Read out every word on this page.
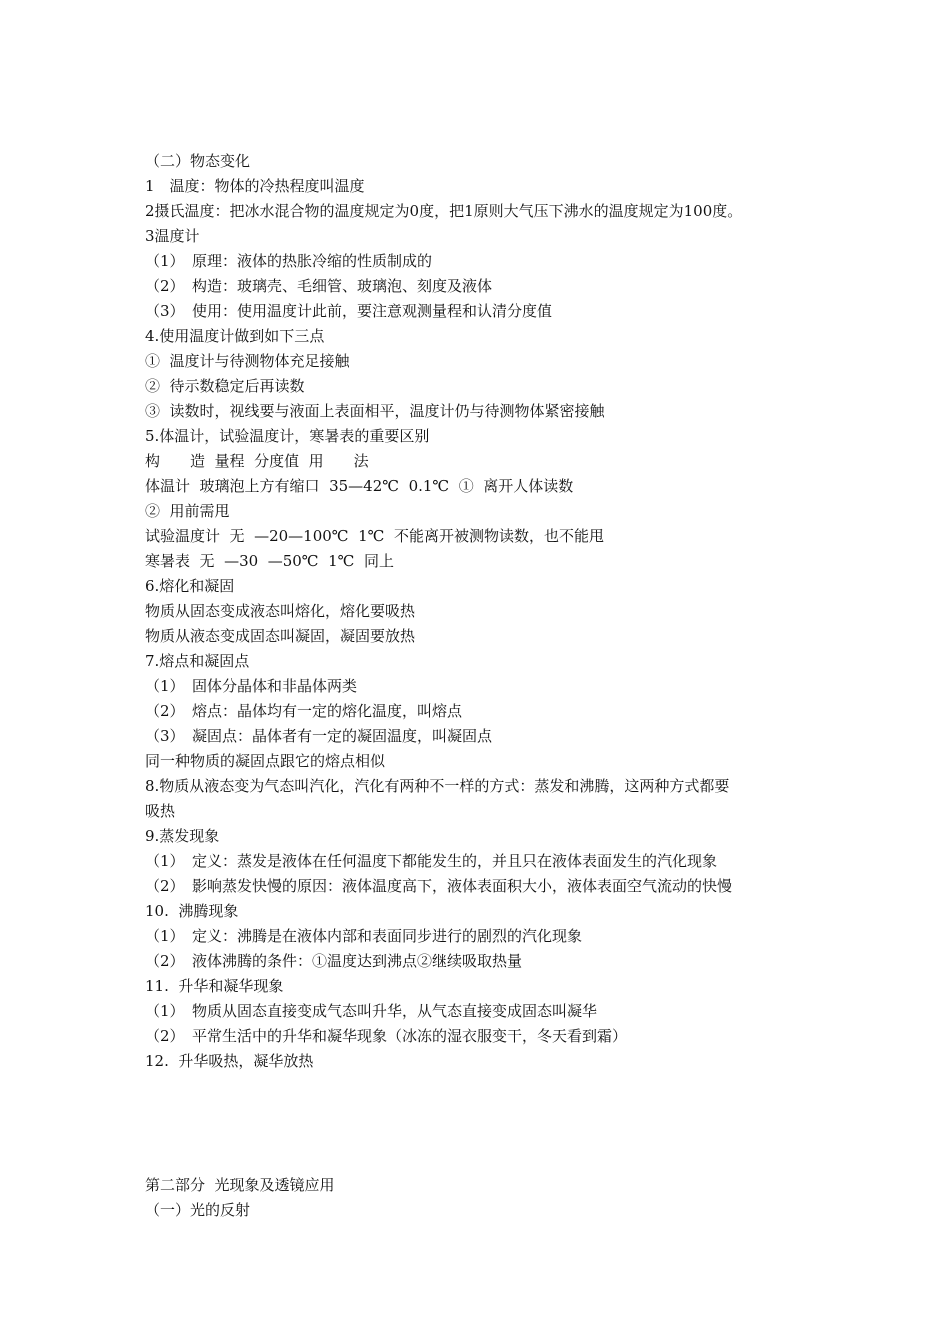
（二）物态变化
1　温度：物体的冷热程度叫温度
2摄氏温度：把冰水混合物的温度规定为0度，把1原则大气压下沸水的温度规定为100度。
3温度计
（1）　原理：液体的热胀冷缩的性质制成的
（2）　构造：玻璃壳、毛细管、玻璃泡、刻度及液体
（3）　使用：使用温度计此前，要注意观测量程和认清分度值
4.使用温度计做到如下三点
①  温度计与待测物体充足接触
②  待示数稳定后再读数
③  读数时，视线要与液面上表面相平，温度计仍与待测物体紧密接触
5.体温计，试验温度计，寒暑表的重要区别
构　　造  量程  分度值  用　　法
体温计  玻璃泡上方有缩口  35—42℃  0.1℃  ①  离开人体读数
②  用前需甩
试验温度计  无  —20—100℃  1℃  不能离开被测物读数，也不能甩
寒暑表  无  —30  —50℃  1℃  同上
6.熔化和凝固
物质从固态变成液态叫熔化，熔化要吸热
物质从液态变成固态叫凝固，凝固要放热
7.熔点和凝固点
（1）　固体分晶体和非晶体两类
（2）　熔点：晶体均有一定的熔化温度，叫熔点
（3）　凝固点：晶体者有一定的凝固温度，叫凝固点
同一种物质的凝固点跟它的熔点相似
8.物质从液态变为气态叫汽化，汽化有两种不一样的方式：蒸发和沸腾，这两种方式都要
吸热
9.蒸发现象
（1）　定义：蒸发是液体在任何温度下都能发生的，并且只在液体表面发生的汽化现象
（2）　影响蒸发快慢的原因：液体温度高下，液体表面积大小，液体表面空气流动的快慢
10.  沸腾现象
（1）　定义：沸腾是在液体内部和表面同步进行的剧烈的汽化现象
（2）　液体沸腾的条件：①温度达到沸点②继续吸取热量
11.  升华和凝华现象
（1）　物质从固态直接变成气态叫升华，从气态直接变成固态叫凝华
（2）　平常生活中的升华和凝华现象（冰冻的湿衣服变干，冬天看到霜）
12.  升华吸热，凝华放热
第二部分  光现象及透镜应用
（一）光的反射
